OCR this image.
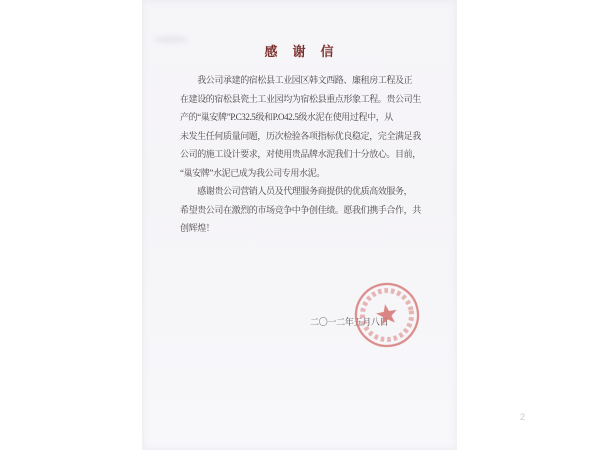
感　谢　信
　　我公司承建的宿松县工业园区韩文西路、廉租房工程及正
在建设的宿松县瓷土工业园均为宿松县重点形象工程。贵公司生
产的“巢安牌”P.C32.5级和P.O42.5级水泥在使用过程中，从
未发生任何质量问题，历次检验各项指标优良稳定，完全满足我
公司的施工设计要求，对使用贵品牌水泥我们十分放心。目前，
“巢安牌”水泥已成为我公司专用水泥。
　　感谢贵公司营销人员及代理服务商提供的优质高效服务，
希望贵公司在激烈的市场竞争中争创佳绩。愿我们携手合作，共
创辉煌！
二〇一二年五月八日
2
